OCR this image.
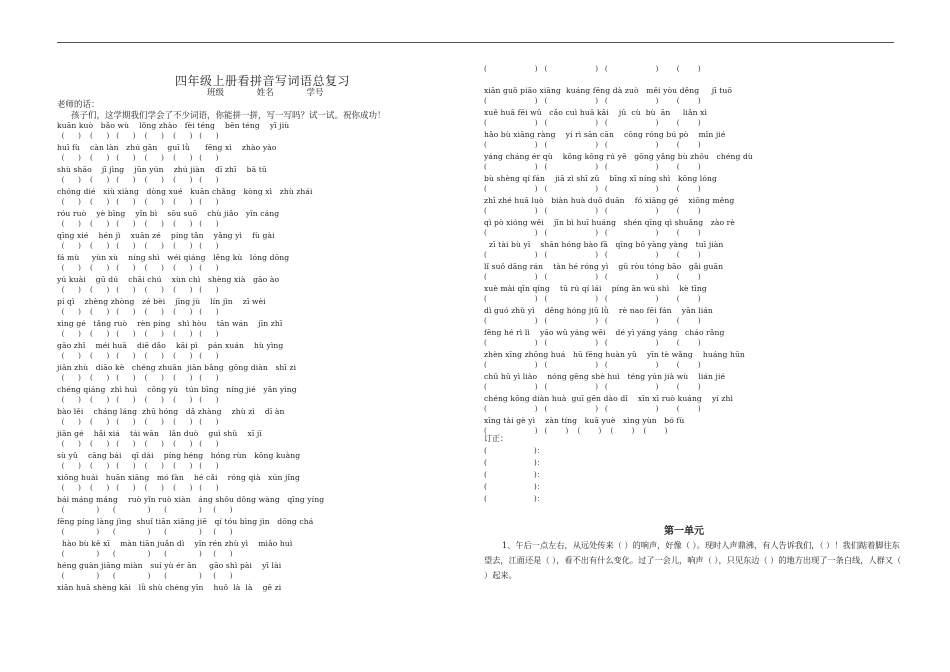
四年级上册看拼音写词语总复习
班级	姓名	学号
老师的话：
孩子们，这学期我们学会了不少词语，你能拼一拼，写一写吗？试一试。祝你成功！
kuān kuò   bǎo wù    lǒng zhào   fèi téng    bēn téng    yī jiù
(      )    (      )   (      )    (      )    (      )   (      )
huī fù    càn làn   zhú gān    guī lǜ      fēng xì    zhào yào
(      )    (      )   (      )    (      )    (      )   (      )
shù shāo    jī jìng    jūn yún    zhú jiàn    dī zhī    bā tū
(      )    (      )   (      )    (      )    (      )   (      )
chóng dié   xiù xiàng   dòng xué   kuān chǎng   kòng xì   zhù zhái
(      )    (      )   (      )    (      )    (      )   (      )
róu ruò    yè bīng    yǐn bì    sōu suō    chù jiǎo   yǐn cáng
(      )    (      )   (      )    (      )    (      )   (      )
qīng xié    hén jì    xuān zé    píng tǎn    yǎng yì    fù gài
(      )    (      )   (      )    (      )    (      )   (      )
fá mù     yùn xù    níng shì   wéi qiáng   lěng kù   lóng dōng
(      )    (      )   (      )    (      )    (      )   (      )
yú kuài    gū dú    chāi chú    xùn chì   shèng xià   gāo ào
(      )    (      )   (      )    (      )    (      )   (      )
pí qì    zhèng zhòng   zé bèi    jīng jù    lín jìn    zī wèi
(      )    (      )   (      )    (      )    (      )   (      )
xìng gé   tǎng ruò    rèn píng   shì hòu    tān wán    jīn zhī
(      )    (      )   (      )    (      )    (      )   (      )
gāo zhǐ    méi huā    diē dǎo    kāi pì    pán xuán    hù yìng
(      )    (      )   (      )    (      )    (      )   (      )
jiān zhù   diāo kè   chéng zhuān  jiān bǎng  gōng diàn   shī zi
(      )    (      )   (      )    (      )    (      )   (      )
chéng qiáng  zhì huì    cōng yù   tún bīng   níng jié   yān yìng
(      )    (      )   (      )    (      )    (      )   (      )
bào lěi    cháng láng  zhū hóng   dǎ zhàng    zhù zì    dī àn
(      )    (      )   (      )    (      )    (      )   (      )
jiān gé    hǎi xiá    tái wān    lǎn duò    guì shǔ    xī jī
(      )    (      )   (      )    (      )    (      )   (      )
sù yǔ    cāng bái    qī dài    píng héng   hóng rùn   kōng kuàng
(      )    (      )   (      )    (      )    (      )   (      )
xiōng huái   huān xiāng   mó fàn    hé cǎi    róng qià   xún jǐng
(      )    (      )   (      )    (      )    (      )   (      )
bái máng máng    ruò yǐn ruò xiàn   áng shǒu dǒng wàng   qīng yíng
(              )      (              )      (              )     (      )
fēng píng làng jìng  shuǐ tiān xiāng jiē   qí tóu bìng jìn   dōng chá
(              )      (              )      (              )     (      )
hào bù kě xī    màn tiān juǎn dì    yǐn rén zhù yì    miǎo huì
(              )      (              )      (              )     (      )
héng guàn jiāng miàn   suí yù ér ān     gāo shì pài    yī lài
(              )      (              )      (              )     (      )
xiān huā shèng kāi   lǜ shù chéng yīn    huǒ  là  là    gē zi
(                     )   (                     )   (                     )        (        )
xiān guǒ piāo xiāng  kuáng fēng dà zuò   měi yòu děng     jī tuō
(                     )   (                     )   (                     )        (        )
xuě huā fēi wǔ   cǎo cuì huā kāi    jǔ  cù  bù  ān     liǎn xì
(                     )   (                     )   (                     )        (        )
hǎo bù xiāng ràng    yí rì sān cān    cōng róng bú pò    mǐn jié
(                     )   (                     )   (                     )        (        )
yáng cháng ér qù    kōng kōng rú yě   gōng yǎng bù zhōu   chéng dù
(                     )   (                     )   (                     )        (        )
bù shèng qí fán    jiā zì shī zǔ    bīng xī níng shì   kōng lóng
(                     )   (                     )   (                     )        (        )
zhī zhé huā luò   biàn huà duō duān    fó xiāng gé    xiōng měng
(                     )   (                     )   (                     )        (        )
qì pò xióng wěi    jīn bì huī huáng   shén qīng qì shuǎng   zào rè
(                     )   (                     )   (                     )        (        )
zī tài bù yī    shān hóng bào fā   qīng bō yàng yàng   tuī jiàn
(                     )   (                     )   (                     )        (        )
lǐ suǒ dāng rán    tàn hé róng yì    gǔ ròu tóng bāo   gǎi guān
(                     )   (                     )   (                     )        (        )
xuè mài qīn qíng    tū rú qí lái    píng ān wú shì    kè tīng
(                     )   (                     )   (                     )        (        )
dì guó zhǔ yì    děng hóng jiǔ lǜ    rè nao fēi fán    yān lián
(                     )   (                     )   (                     )        (        )
fēng hé rì lì    yāo wǔ yáng wēi    dé yì yáng yáng   cháo rǎng
(                     )   (                     )   (                     )        (        )
zhèn xīng zhōng huá   hū fēng huàn yǔ    yīn tè wǎng    huáng hūn
(                     )   (                     )   (                     )        (        )
chū hū yì liào    nóng gēng shè huì   téng yún jià wù    lián jié
(                     )   (                     )   (                     )        (        )
chéng kōng diàn huà  guī gēn dào dǐ    xīn xī ruò kuáng    yí zhì
(                     )   (                     )   (                     )        (        )
xīng tài gè yì    zàn tíng   kuā yuè   xìng yùn   bó fù
(                     )   (        )    (        )    (        )    (        )
订正：
(                    )：
(                    )：
(                    )：
(                    )：
(                    )：
第一单元

1、午后一点左右，从远处传来（ ）的响声，好像（ ）。现时人声鼎沸，有人告诉我们，（ ）！我们踮着脚往东望去，江面还是（ ），看不出有什么变化。过了一会儿，响声（ ），只见东边（ ）的地方出现了一条白线，人群又（ ）起来。
